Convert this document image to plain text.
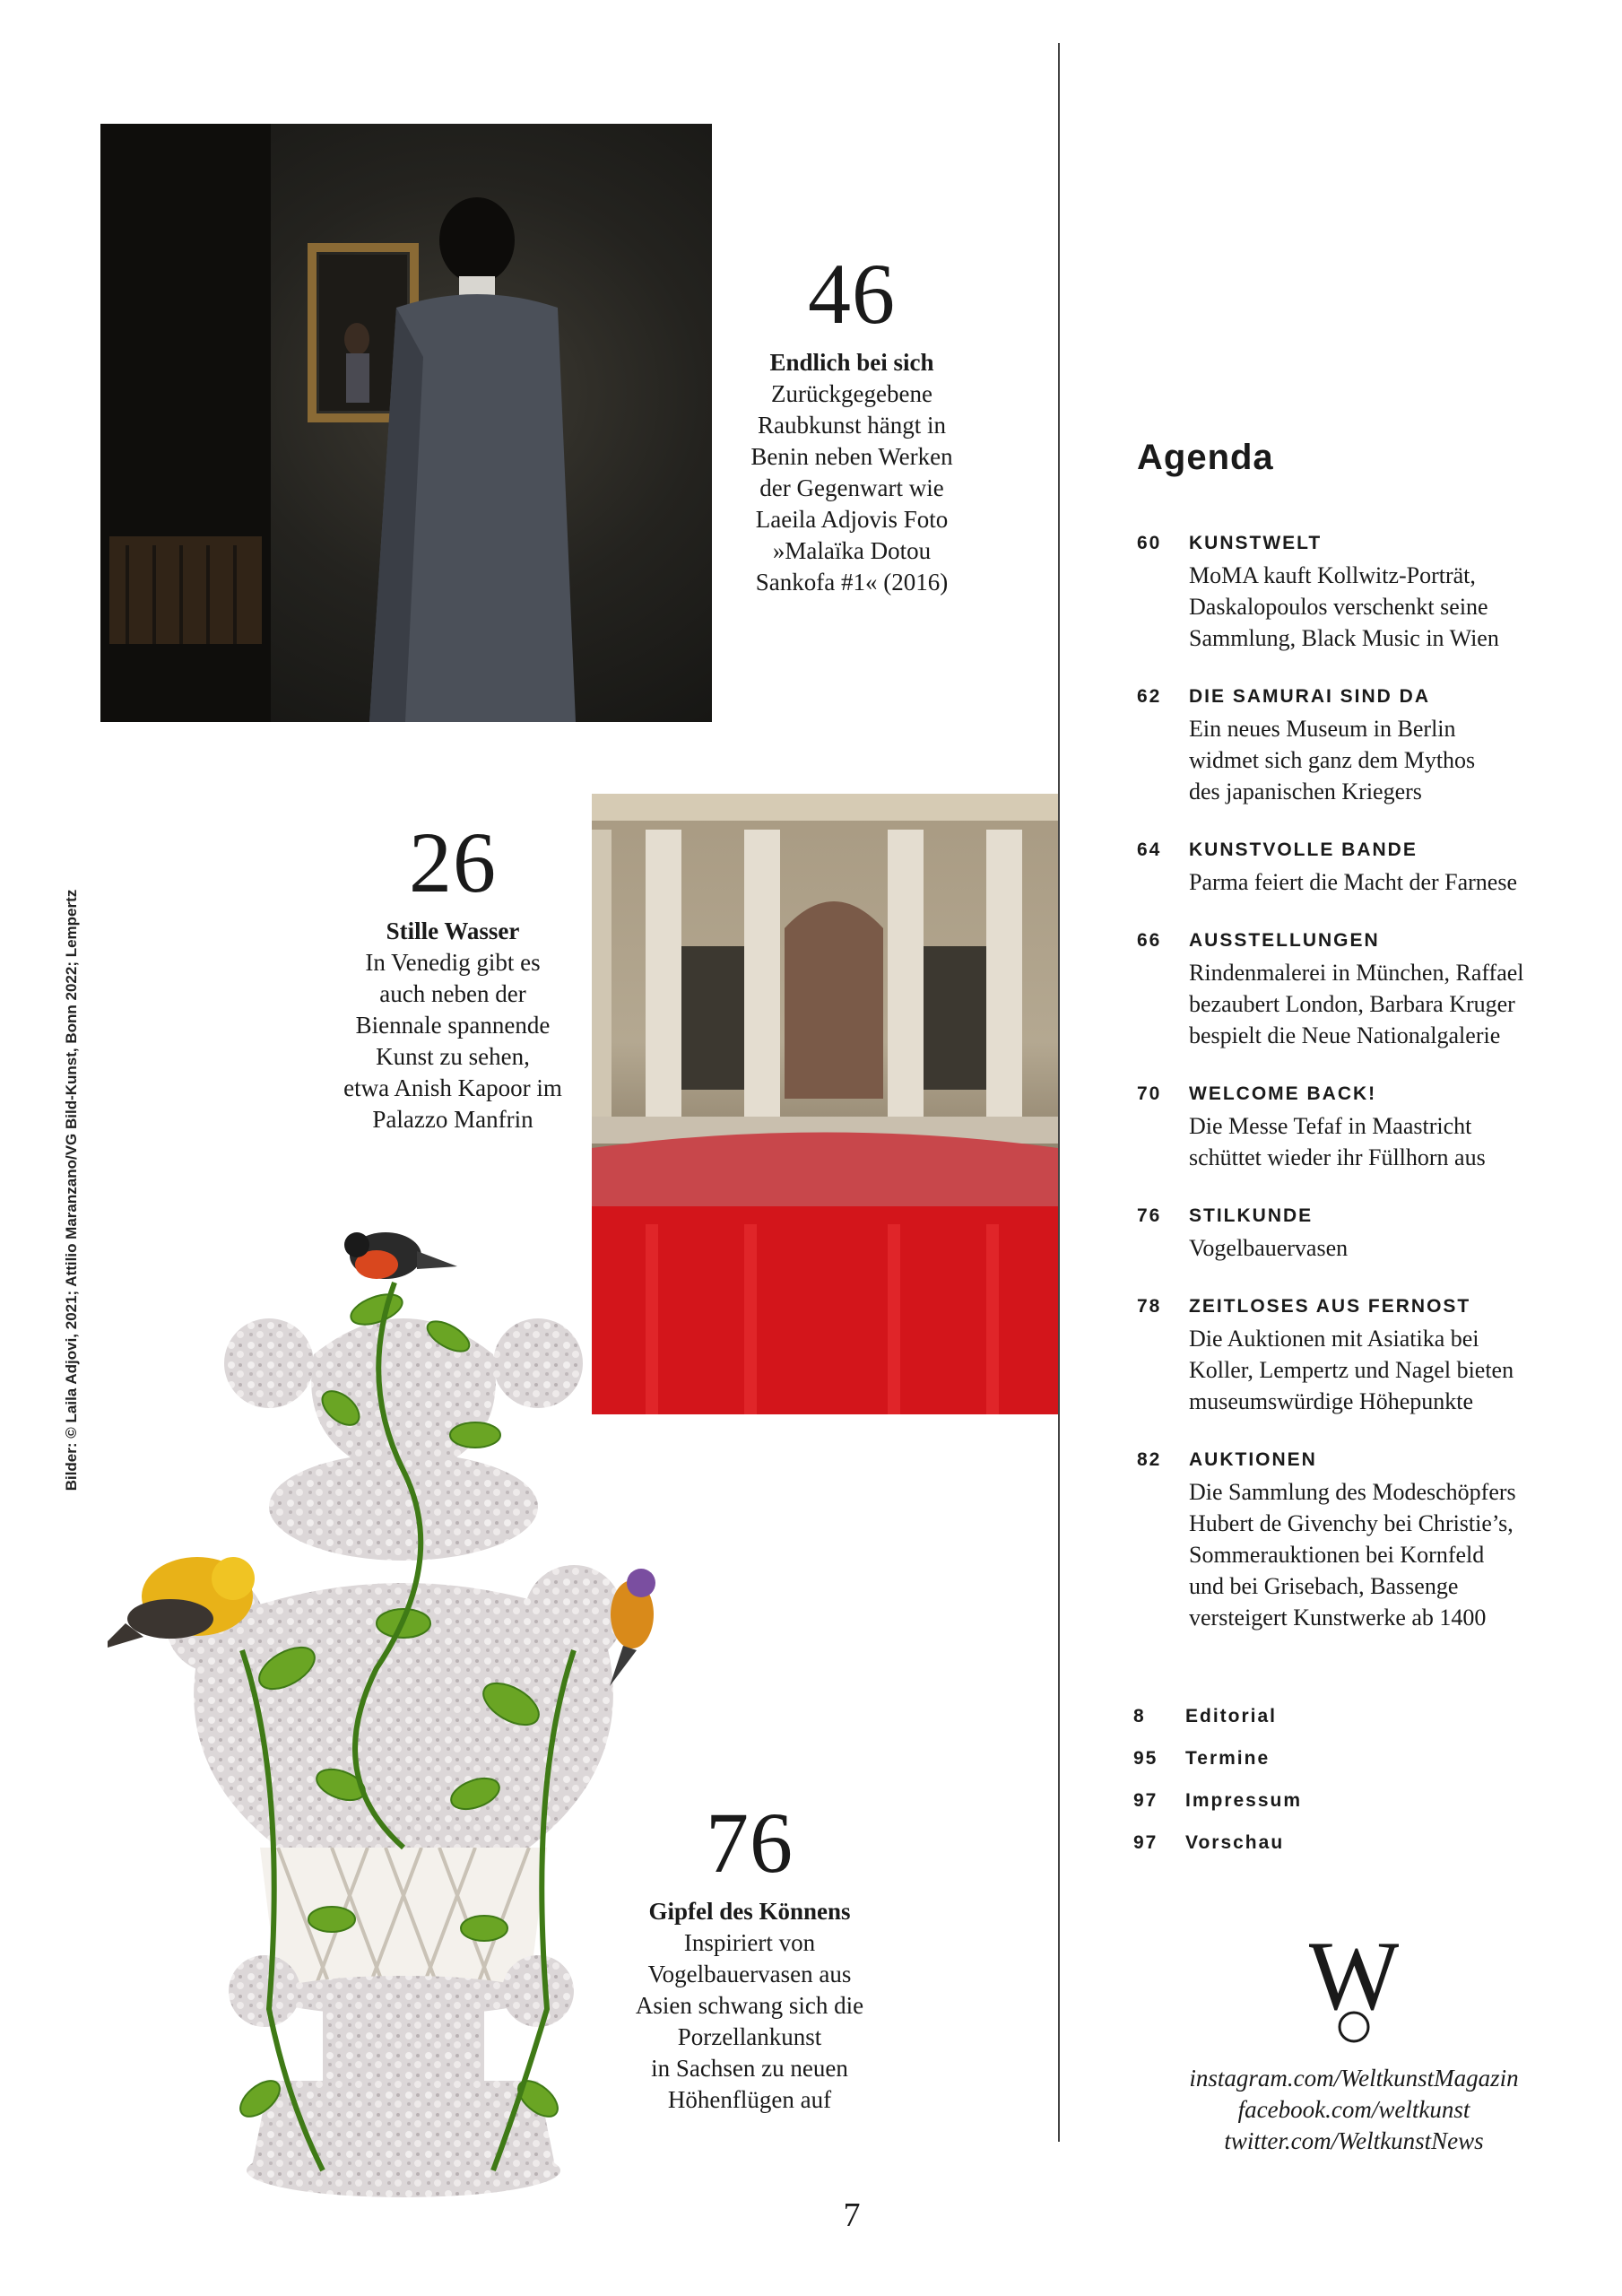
Bilder: © Laila Adjovi, 2021; Attilio Maranzano/VG Bild-Kunst, Bonn 2022; Lempertz
46
Endlich bei sich
Zurückgegebene
Raubkunst hängt in
Benin neben Werken
der Gegenwart wie
Laeila Adjovis Foto
»Malaïka Dotou
Sankofa #1« (2016)
26
Stille Wasser
In Venedig gibt es
auch neben der
Biennale spannende
Kunst zu sehen,
etwa Anish Kapoor im
Palazzo Manfrin
76
Gipfel des Könnens
Inspiriert von
Vogelbauervasen aus
Asien schwang sich die
Porzellankunst
in Sachsen zu neuen
Höhenflügen auf
Agenda
60 KUNSTWELT
MoMA kauft Kollwitz-Porträt,
Daskalopoulos verschenkt seine
Sammlung, Black Music in Wien
62 DIE SAMURAI SIND DA
Ein neues Museum in Berlin
widmet sich ganz dem Mythos
des japanischen Kriegers
64 KUNSTVOLLE BANDE
Parma feiert die Macht der Farnese
66 AUSSTELLUNGEN
Rindenmalerei in München, Raffael
bezaubert London, Barbara Kruger
bespielt die Neue Nationalgalerie
70 WELCOME BACK!
Die Messe Tefaf in Maastricht
schüttet wieder ihr Füllhorn aus
76 STILKUNDE
Vogelbauervasen
78 ZEITLOSES AUS FERNOST
Die Auktionen mit Asiatika bei
Koller, Lempertz und Nagel bieten
museumswürdige Höhepunkte
82 AUKTIONEN
Die Sammlung des Modeschöpfers
Hubert de Givenchy bei Christie’s,
Sommerauktionen bei Kornfeld
und bei Grisebach, Bassenge
versteigert Kunstwerke ab 1400
8 Editorial
95 Termine
97 Impressum
97 Vorschau
W
instagram.com/WeltkunstMagazin
facebook.com/weltkunst
twitter.com/WeltkunstNews
7
